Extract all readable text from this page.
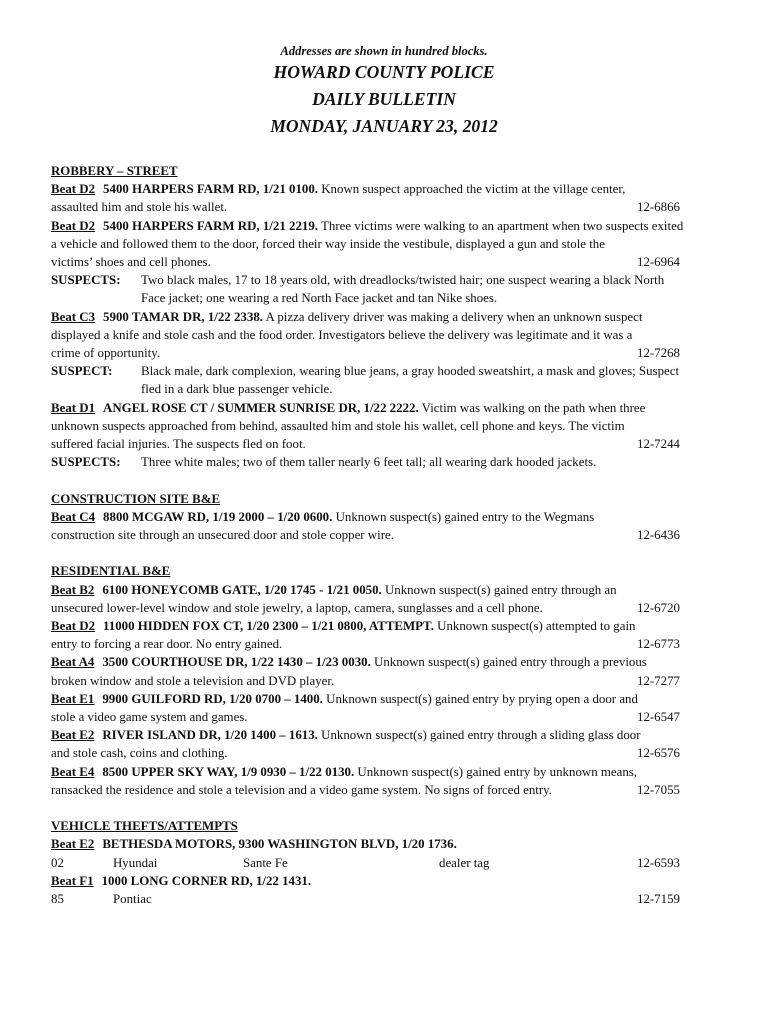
Addresses are shown in hundred blocks.
HOWARD COUNTY POLICE
DAILY BULLETIN
MONDAY, JANUARY 23, 2012
ROBBERY – STREET
Beat D2 5400 HARPERS FARM RD, 1/21 0100. Known suspect approached the victim at the village center,
assaulted him and stole his wallet.	12-6866
Beat D2 5400 HARPERS FARM RD, 1/21 2219. Three victims were walking to an apartment when two suspects exited a vehicle and followed them to the door, forced their way inside the vestibule, displayed a gun and stole the
victims’ shoes and cell phones.	12-6964
SUSPECTS:	Two black males, 17 to 18 years old, with dreadlocks/twisted hair; one suspect wearing a black North Face jacket; one wearing a red North Face jacket and tan Nike shoes.
Beat C3 5900 TAMAR DR, 1/22 2338. A pizza delivery driver was making a delivery when an unknown suspect displayed a knife and stole cash and the food order. Investigators believe the delivery was legitimate and it was a
crime of opportunity.	12-7268
SUSPECT:	Black male, dark complexion, wearing blue jeans, a gray hooded sweatshirt, a mask and gloves; Suspect fled in a dark blue passenger vehicle.
Beat D1 ANGEL ROSE CT / SUMMER SUNRISE DR, 1/22 2222. Victim was walking on the path when three unknown suspects approached from behind, assaulted him and stole his wallet, cell phone and keys. The victim
suffered facial injuries. The suspects fled on foot.	12-7244
SUSPECTS:	Three white males; two of them taller nearly 6 feet tall; all wearing dark hooded jackets.
CONSTRUCTION SITE B&E
Beat C4 8800 MCGAW RD, 1/19 2000 – 1/20 0600. Unknown suspect(s) gained entry to the Wegmans
construction site through an unsecured door and stole copper wire.	12-6436
RESIDENTIAL B&E
Beat B2 6100 HONEYCOMB GATE, 1/20 1745 - 1/21 0050. Unknown suspect(s) gained entry through an
unsecured lower-level window and stole jewelry, a laptop, camera, sunglasses and a cell phone.	12-6720
Beat D2 11000 HIDDEN FOX CT, 1/20 2300 – 1/21 0800, ATTEMPT. Unknown suspect(s) attempted to gain
entry to forcing a rear door. No entry gained.	12-6773
Beat A4 3500 COURTHOUSE DR, 1/22 1430 – 1/23 0030. Unknown suspect(s) gained entry through a previous
broken window and stole a television and DVD player.	12-7277
Beat E1 9900 GUILFORD RD, 1/20 0700 – 1400. Unknown suspect(s) gained entry by prying open a door and
stole a video game system and games.	12-6547
Beat E2 RIVER ISLAND DR, 1/20 1400 – 1613. Unknown suspect(s) gained entry through a sliding glass door
and stole cash, coins and clothing.	12-6576
Beat E4 8500 UPPER SKY WAY, 1/9 0930 – 1/22 0130. Unknown suspect(s) gained entry by unknown means,
ransacked the residence and stole a television and a video game system. No signs of forced entry.	12-7055
VEHICLE THEFTS/ATTEMPTS
Beat E2 BETHESDA MOTORS, 9300 WASHINGTON BLVD, 1/20 1736.
02	Hyundai	Sante Fe	dealer tag	12-6593
Beat F1 1000 LONG CORNER RD, 1/22 1431.
85	Pontiac	12-7159
